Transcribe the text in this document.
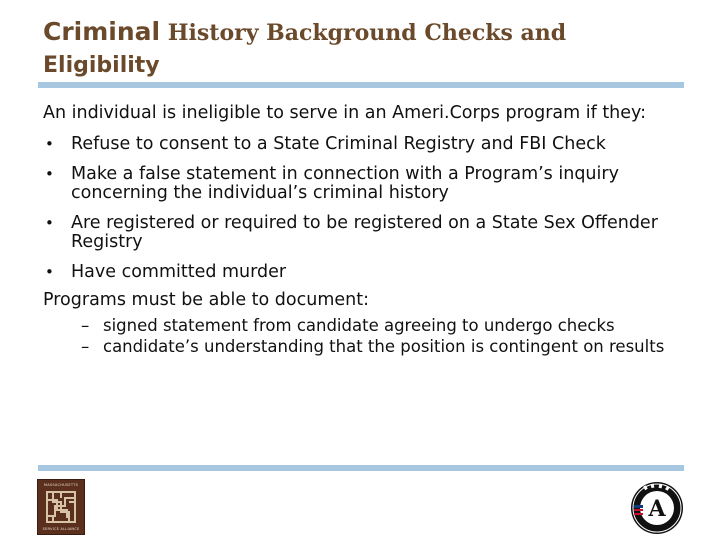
Criminal History Background Checks and
Eligibility

An individual is ineligible to serve in an Ameri.Corps program if they:

• Refuse to consent to a State Criminal Registry and FBI Check
• Make a false statement in connection with a Program’s inquiry concerning the individual’s criminal history
• Are registered or required to be registered on a State Sex Offender Registry
• Have committed murder

Programs must be able to document:

– signed statement from candidate agreeing to undergo checks
– candidate’s understanding that the position is contingent on results
MASSACHUSETTS
SERVICE ALLIANCE
A
